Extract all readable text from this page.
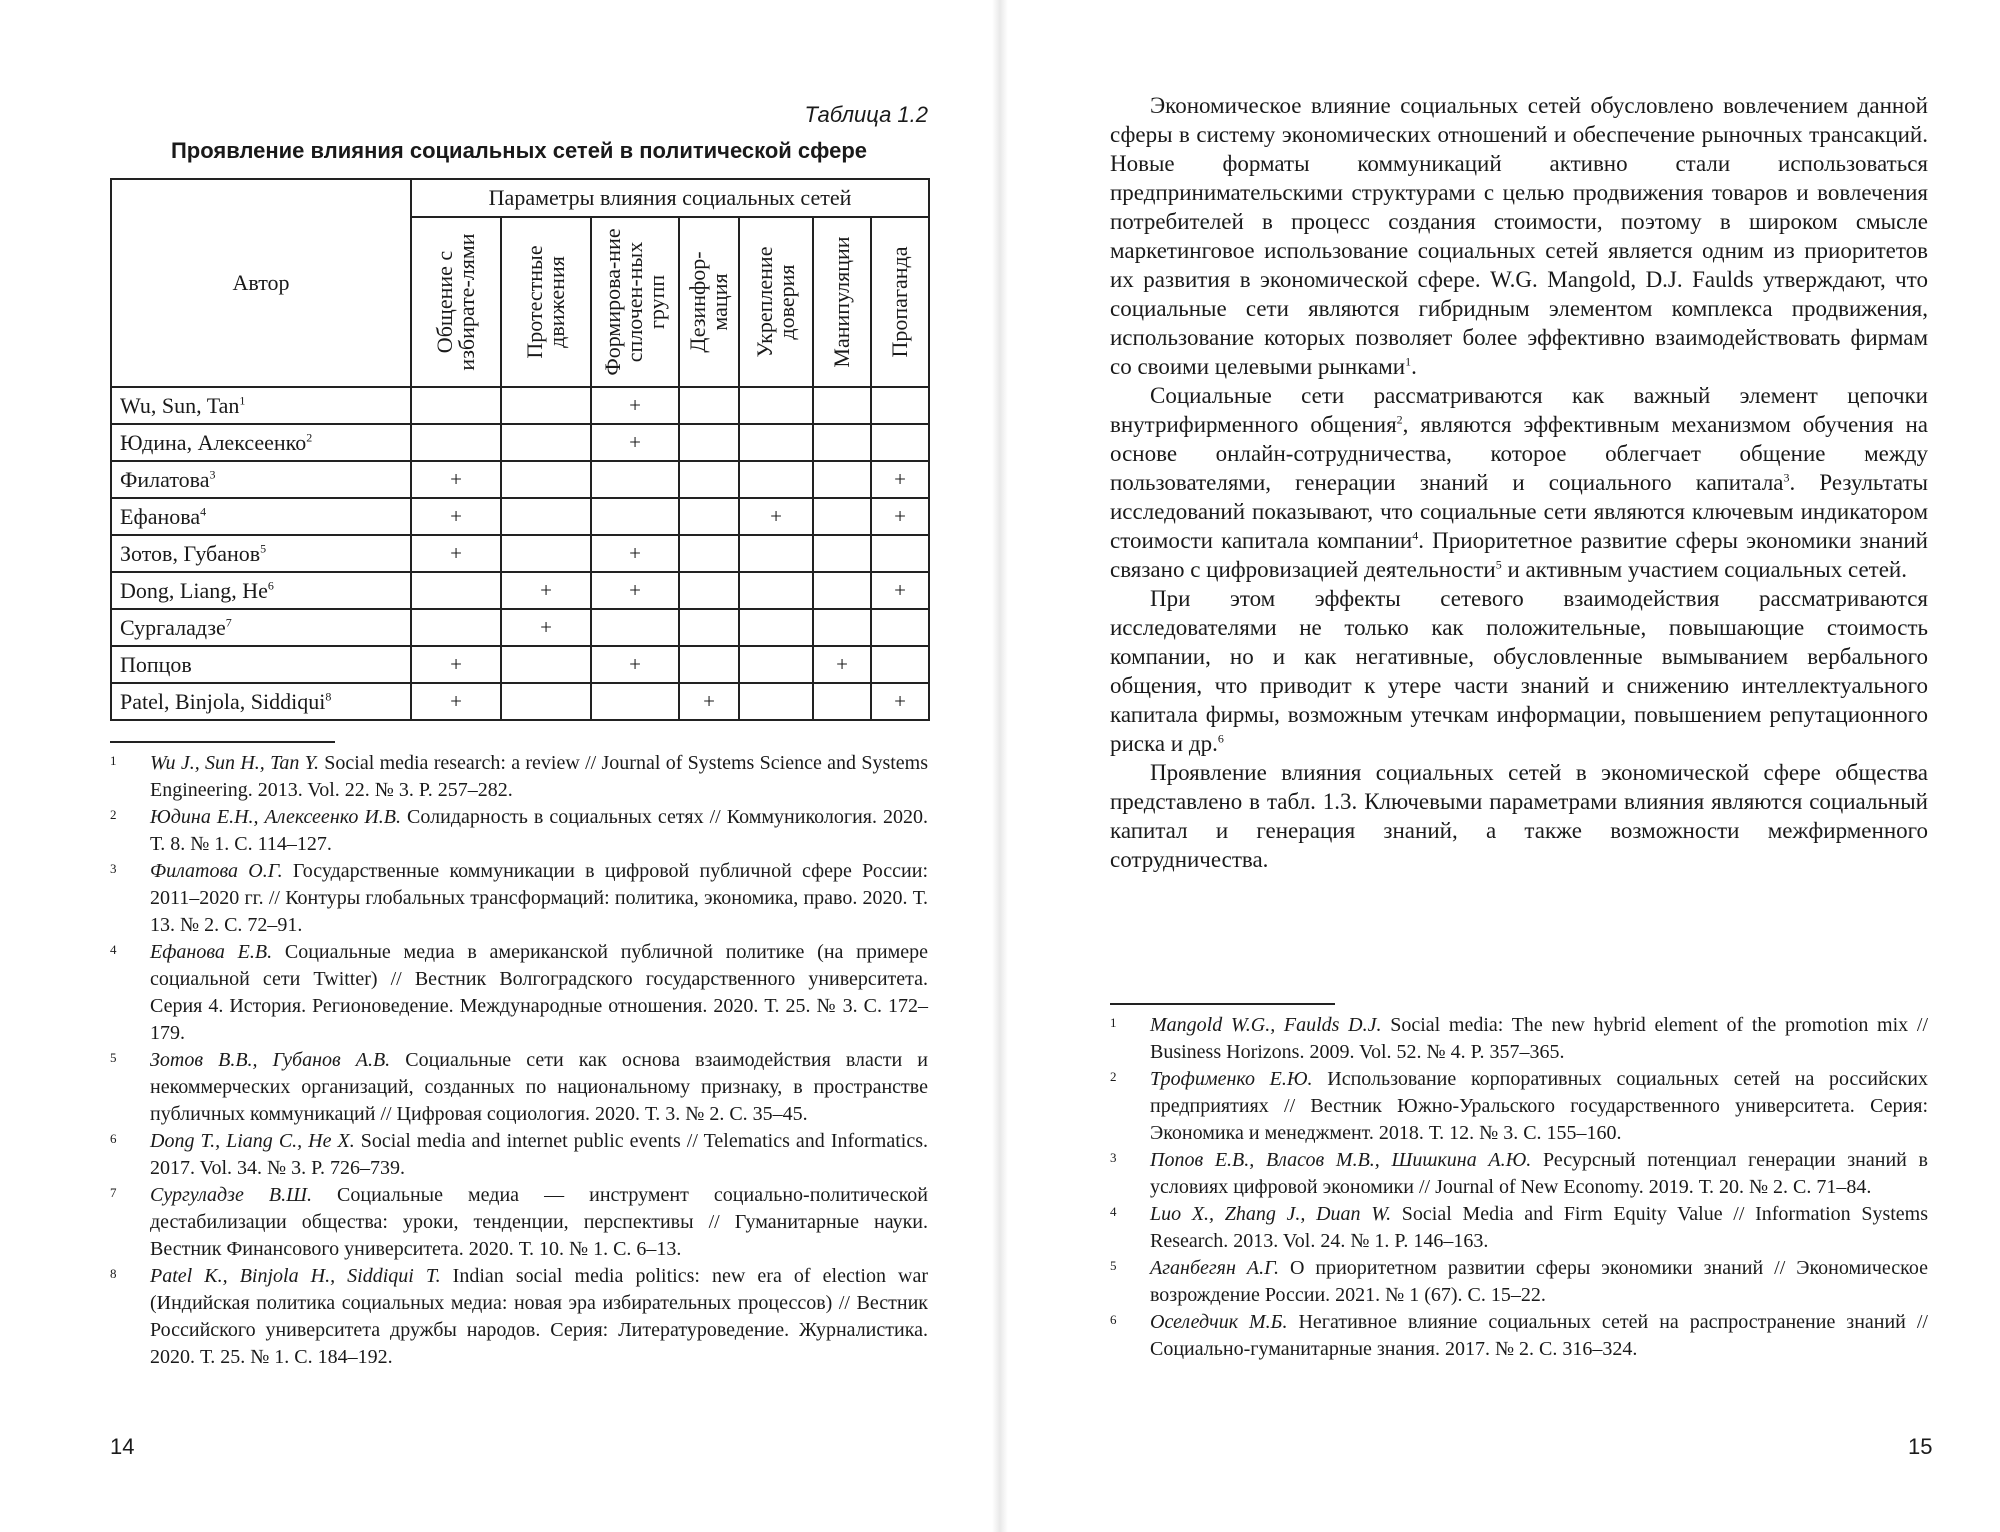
Таблица 1.2
Проявление влияния социальных сетей в политической сфере
Автор	Параметры влияния социальных сетей						

	Общение с избирате-лями	Протестные движения	Формирова-ние сплочен-ных групп	Дезинфор-мация	Укрепление доверия	Манипуляции	Пропаганда

Wu, Sun, Tan$^1$			+				
Юдина, Алексеенко$^2$			+				
Филатова$^3$	+						+
Ефанова$^4$	+				+		+
Зотов, Губанов$^5$	+		+				
Dong, Liang, He$^6$		+	+				+
Сургаладзе$^7$		+					
Попцов	+		+			+	
Patel, Binjola, Siddiqui$^8$	+			+			+
1	Wu J., Sun H., Tan Y. Social media research: a review // Journal of Systems Science and Systems Engineering. 2013. Vol. 22. № 3. P. 257–282.
2	Юдина Е.Н., Алексеенко И.В. Солидарность в социальных сетях // Коммуникология. 2020. Т. 8. № 1. С. 114–127.
3	Филатова О.Г. Государственные коммуникации в цифровой публичной сфере России: 2011–2020 гг. // Контуры глобальных трансформаций: политика, экономика, право. 2020. Т. 13. № 2. С. 72–91.
4	Ефанова Е.В. Социальные медиа в американской публичной политике (на примере социальной сети Twitter) // Вестник Волгоградского государственного университета. Серия 4. История. Регионоведение. Международные отношения. 2020. Т. 25. № 3. С. 172–179.
5	Зотов В.В., Губанов А.В. Социальные сети как основа взаимодействия власти и некоммерческих организаций, созданных по национальному признаку, в пространстве публичных коммуникаций // Цифровая социология. 2020. Т. 3. № 2. С. 35–45.
6	Dong T., Liang C., He X. Social media and internet public events // Telematics and Informatics. 2017. Vol. 34. № 3. P. 726–739.
7	Сургуладзе В.Ш. Социальные медиа — инструмент социально-политической дестабилизации общества: уроки, тенденции, перспективы // Гуманитарные науки. Вестник Финансового университета. 2020. Т. 10. № 1. С. 6–13.
8	Patel K., Binjola H., Siddiqui T. Indian social media politics: new era of election war (Индийская политика социальных медиа: новая эра избирательных процессов) // Вестник Российского университета дружбы народов. Серия: Литературоведение. Журналистика. 2020. Т. 25. № 1. С. 184–192.
14

Экономическое влияние социальных сетей обусловлено вовлечением данной сферы в систему экономических отношений и обеспечение рыночных трансакций. Новые форматы коммуникаций активно стали использоваться предпринимательскими структурами с целью продвижения товаров и вовлечения потребителей в процесс создания стоимости, поэтому в широком смысле маркетинговое использование социальных сетей является одним из приоритетов их развития в экономической сфере. W.G. Mangold, D.J. Faulds утверждают, что социальные сети являются гибридным элементом комплекса продвижения, использование которых позволяет более эффективно взаимодействовать фирмам со своими целевыми рынками$^1$.

Социальные сети рассматриваются как важный элемент цепочки внутрифирменного общения$^2$, являются эффективным механизмом обучения на основе онлайн-сотрудничества, которое облегчает общение между пользователями, генерации знаний и социального капитала$^3$. Результаты исследований показывают, что социальные сети являются ключевым индикатором стоимости капитала компании$^4$. Приоритетное развитие сферы экономики знаний связано с цифровизацией деятельности$^5$ и активным участием социальных сетей.

При этом эффекты сетевого взаимодействия рассматриваются исследователями не только как положительные, повышающие стоимость компании, но и как негативные, обусловленные вымыванием вербального общения, что приводит к утере части знаний и снижению интеллектуального капитала фирмы, возможным утечкам информации, повышением репутационного риска и др.$^6$

Проявление влияния социальных сетей в экономической сфере общества представлено в табл. 1.3. Ключевыми параметрами влияния являются социальный капитал и генерация знаний, а также возможности межфирменного сотрудничества.

1	Mangold W.G., Faulds D.J. Social media: The new hybrid element of the promotion mix // Business Horizons. 2009. Vol. 52. № 4. P. 357–365.
2	Трофименко Е.Ю. Использование корпоративных социальных сетей на российских предприятиях // Вестник Южно-Уральского государственного университета. Серия: Экономика и менеджмент. 2018. Т. 12. № 3. С. 155–160.
3	Попов Е.В., Власов М.В., Шишкина А.Ю. Ресурсный потенциал генерации знаний в условиях цифровой экономики // Journal of New Economy. 2019. Т. 20. № 2. С. 71–84.
4	Luo X., Zhang J., Duan W. Social Media and Firm Equity Value // Information Systems Research. 2013. Vol. 24. № 1. P. 146–163.
5	Аганбегян А.Г. О приоритетном развитии сферы экономики знаний // Экономическое возрождение России. 2021. № 1 (67). С. 15–22.
6	Оселедчик М.Б. Негативное влияние социальных сетей на распространение знаний // Социально-гуманитарные знания. 2017. № 2. С. 316–324.
15
